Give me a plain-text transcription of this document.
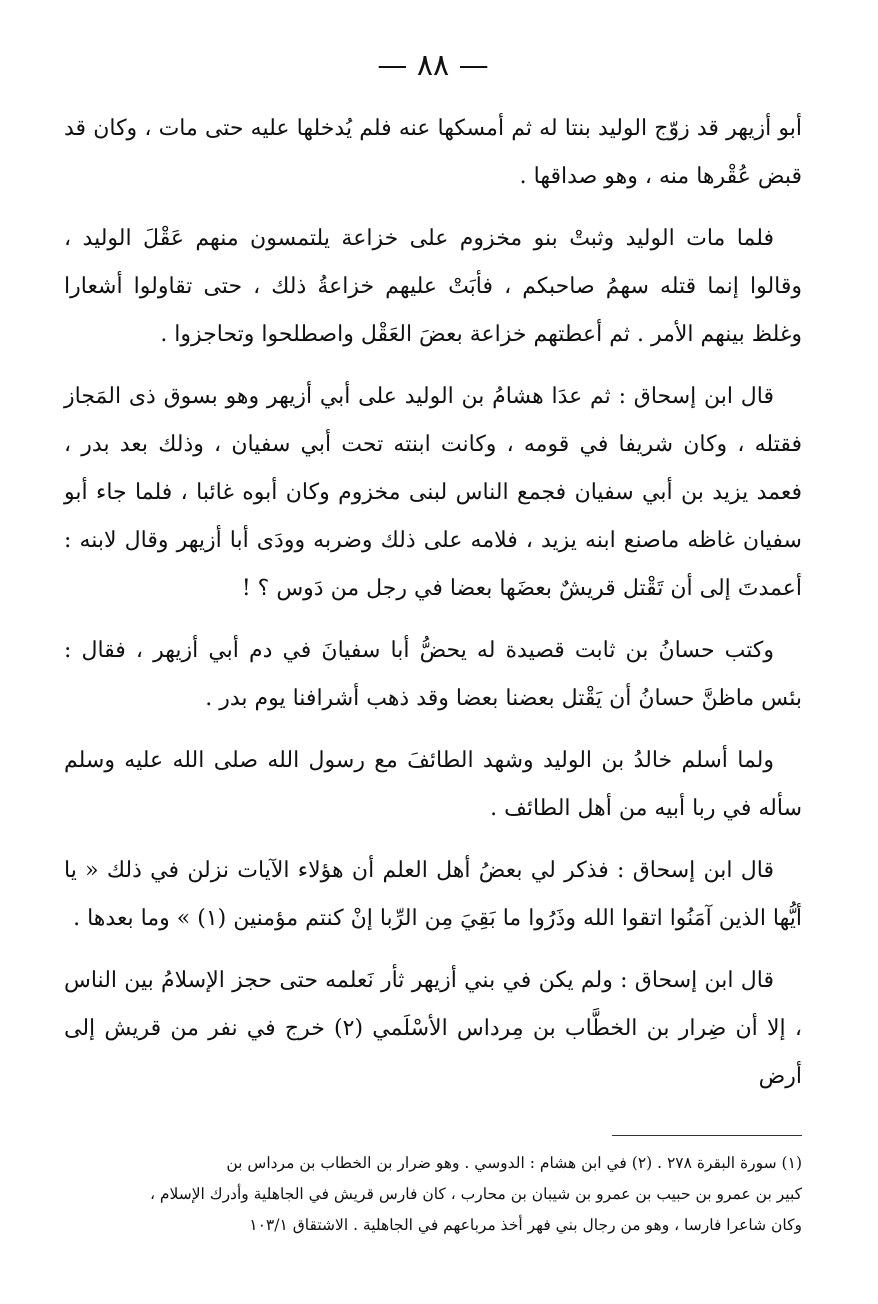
— ٨٨ —

أبو أزيهر قد زوّج الوليد بنتا له ثم أمسكها عنه فلم يُدخلها عليه حتى مات ، وكان قد قبض عُقْرها منه ، وهو صداقها .

فلما مات الوليد وثبتْ بنو مخزوم على خزاعة يلتمسون منهم عَقْلَ الوليد ، وقالوا إنما قتله سهمُ صاحبكم ، فأبَتْ عليهم خزاعةُ ذلك ، حتى تقاولوا أشعارا وغلظ بينهم الأمر . ثم أعطتهم خزاعة بعضَ العَقْل واصطلحوا وتحاجزوا .

قال ابن إسحاق : ثم عدَا هشامُ بن الوليد على أبي أزيهر وهو بسوق ذى المَجاز فقتله ، وكان شريفا في قومه ، وكانت ابنته تحت أبي سفيان ، وذلك بعد بدر ، فعمد يزيد بن أبي سفيان فجمع الناس لبنى مخزوم وكان أبوه غائبا ، فلما جاء أبو سفيان غاظه ماصنع ابنه يزيد ، فلامه على ذلك وضربه وودَى أبا أزيهر وقال لابنه : أعمدتَ إلى أن تَقْتل قريشٌ بعضَها بعضا في رجل من دَوس ؟ !

وكتب حسانُ بن ثابت قصيدة له يحضُّ أبا سفيانَ في دم أبي أزيهر ، فقال : بئس ماظنَّ حسانُ أن يَقْتل بعضنا بعضا وقد ذهب أشرافنا يوم بدر .

ولما أسلم خالدُ بن الوليد وشهد الطائفَ مع رسول الله صلى الله عليه وسلم سأله في ربا أبيه من أهل الطائف .

قال ابن إسحاق : فذكر لي بعضُ أهل العلم أن هؤلاء الآيات نزلن في ذلك « يا أيُّها الذين آمَنُوا اتقوا الله وذَرُوا ما بَقِيَ مِن الرِّبا إنْ كنتم مؤمنين (١) » وما بعدها .

قال ابن إسحاق : ولم يكن في بني أزيهر ثأر نَعلمه حتى حجز الإسلامُ بين الناس ، إلا أن ضِرار بن الخطَّاب بن مِرداس الأسْلَمي (٢) خرج في نفر من قريش إلى أرض

(١) سورة البقرة ٢٧٨ . (٢) في ابن هشام : الدوسي . وهو ضرار بن الخطاب بن مرداس بن

كبير بن عمرو بن حبيب بن عمرو بن شيبان بن محارب ، كان فارس قريش في الجاهلية وأدرك الإسلام ،

وكان شاعرا فارسا ، وهو من رجال بني فهر أخذ مرباعهم في الجاهلية . الاشتقاق ١٠٣/١
